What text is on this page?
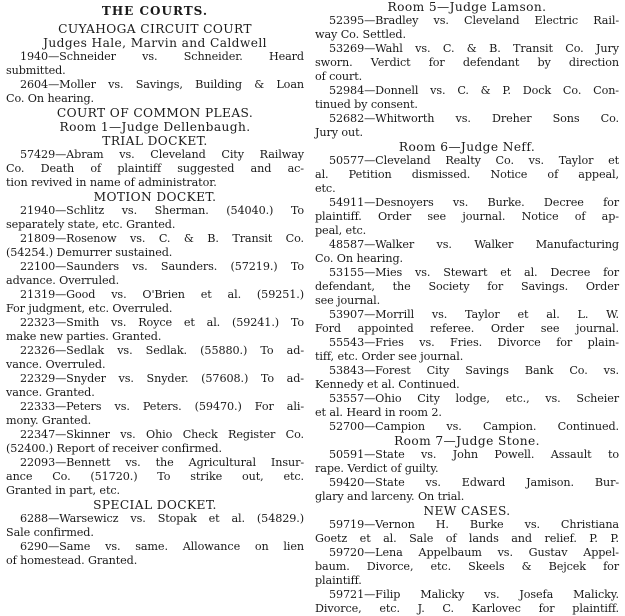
THE COURTS.
CUYAHOGA CIRCUIT COURT
Judges Hale, Marvin and Caldwell
1940—Schneider vs. Schneider. Heard
submitted.
2604—Moller vs. Savings, Building & Loan
Co. On hearing.
COURT OF COMMON PLEAS.
Room 1—Judge Dellenbaugh.
TRIAL DOCKET.
57429—Abram vs. Cleveland City Railway
Co. Death of plaintiff suggested and ac-
tion revived in name of administrator.
MOTION DOCKET.
21940—Schlitz vs. Sherman. (54040.) To
separately state, etc. Granted.
21809—Rosenow vs. C. & B. Transit Co.
(54254.) Demurrer sustained.
22100—Saunders vs. Saunders. (57219.) To
advance. Overruled.
21319—Good vs. O'Brien et al. (59251.)
For judgment, etc. Overruled.
22323—Smith vs. Royce et al. (59241.) To
make new parties. Granted.
22326—Sedlak vs. Sedlak. (55880.) To ad-
vance. Overruled.
22329—Snyder vs. Snyder. (57608.) To ad-
vance. Granted.
22333—Peters vs. Peters. (59470.) For ali-
mony. Granted.
22347—Skinner vs. Ohio Check Register Co.
(52400.) Report of receiver confirmed.
22093—Bennett vs. the Agricultural Insur-
ance Co. (51720.) To strike out, etc.
Granted in part, etc.
SPECIAL DOCKET.
6288—Warsewicz vs. Stopak et al. (54829.)
Sale confirmed.
6290—Same vs. same. Allowance on lien
of homestead. Granted.
Room 5—Judge Lamson.
52395—Bradley vs. Cleveland Electric Rail-
way Co. Settled.
53269—Wahl vs. C. & B. Transit Co. Jury
sworn. Verdict for defendant by direction
of court.
52984—Donnell vs. C. & P. Dock Co. Con-
tinued by consent.
52682—Whitworth vs. Dreher Sons Co.
Jury out.
Room 6—Judge Neff.
50577—Cleveland Realty Co. vs. Taylor et
al. Petition dismissed. Notice of appeal,
etc.
54911—Desnoyers vs. Burke. Decree for
plaintiff. Order see journal. Notice of ap-
peal, etc.
48587—Walker vs. Walker Manufacturing
Co. On hearing.
53155—Mies vs. Stewart et al. Decree for
defendant, the Society for Savings. Order
see journal.
53907—Morrill vs. Taylor et al. L. W.
Ford appointed referee. Order see journal.
55543—Fries vs. Fries. Divorce for plain-
tiff, etc. Order see journal.
53843—Forest City Savings Bank Co. vs.
Kennedy et al. Continued.
53557—Ohio City lodge, etc., vs. Scheier
et al. Heard in room 2.
52700—Campion vs. Campion. Continued.
Room 7—Judge Stone.
50591—State vs. John Powell. Assault to
rape. Verdict of guilty.
59420—State vs. Edward Jamison. Bur-
glary and larceny. On trial.
NEW CASES.
59719—Vernon H. Burke vs. Christiana
Goetz et al. Sale of lands and relief. P. P.
59720—Lena Appelbaum vs. Gustav Appel-
baum. Divorce, etc. Skeels & Bejcek for
plaintiff.
59721—Filip Malicky vs. Josefa Malicky.
Divorce, etc. J. C. Karlovec for plaintiff.
